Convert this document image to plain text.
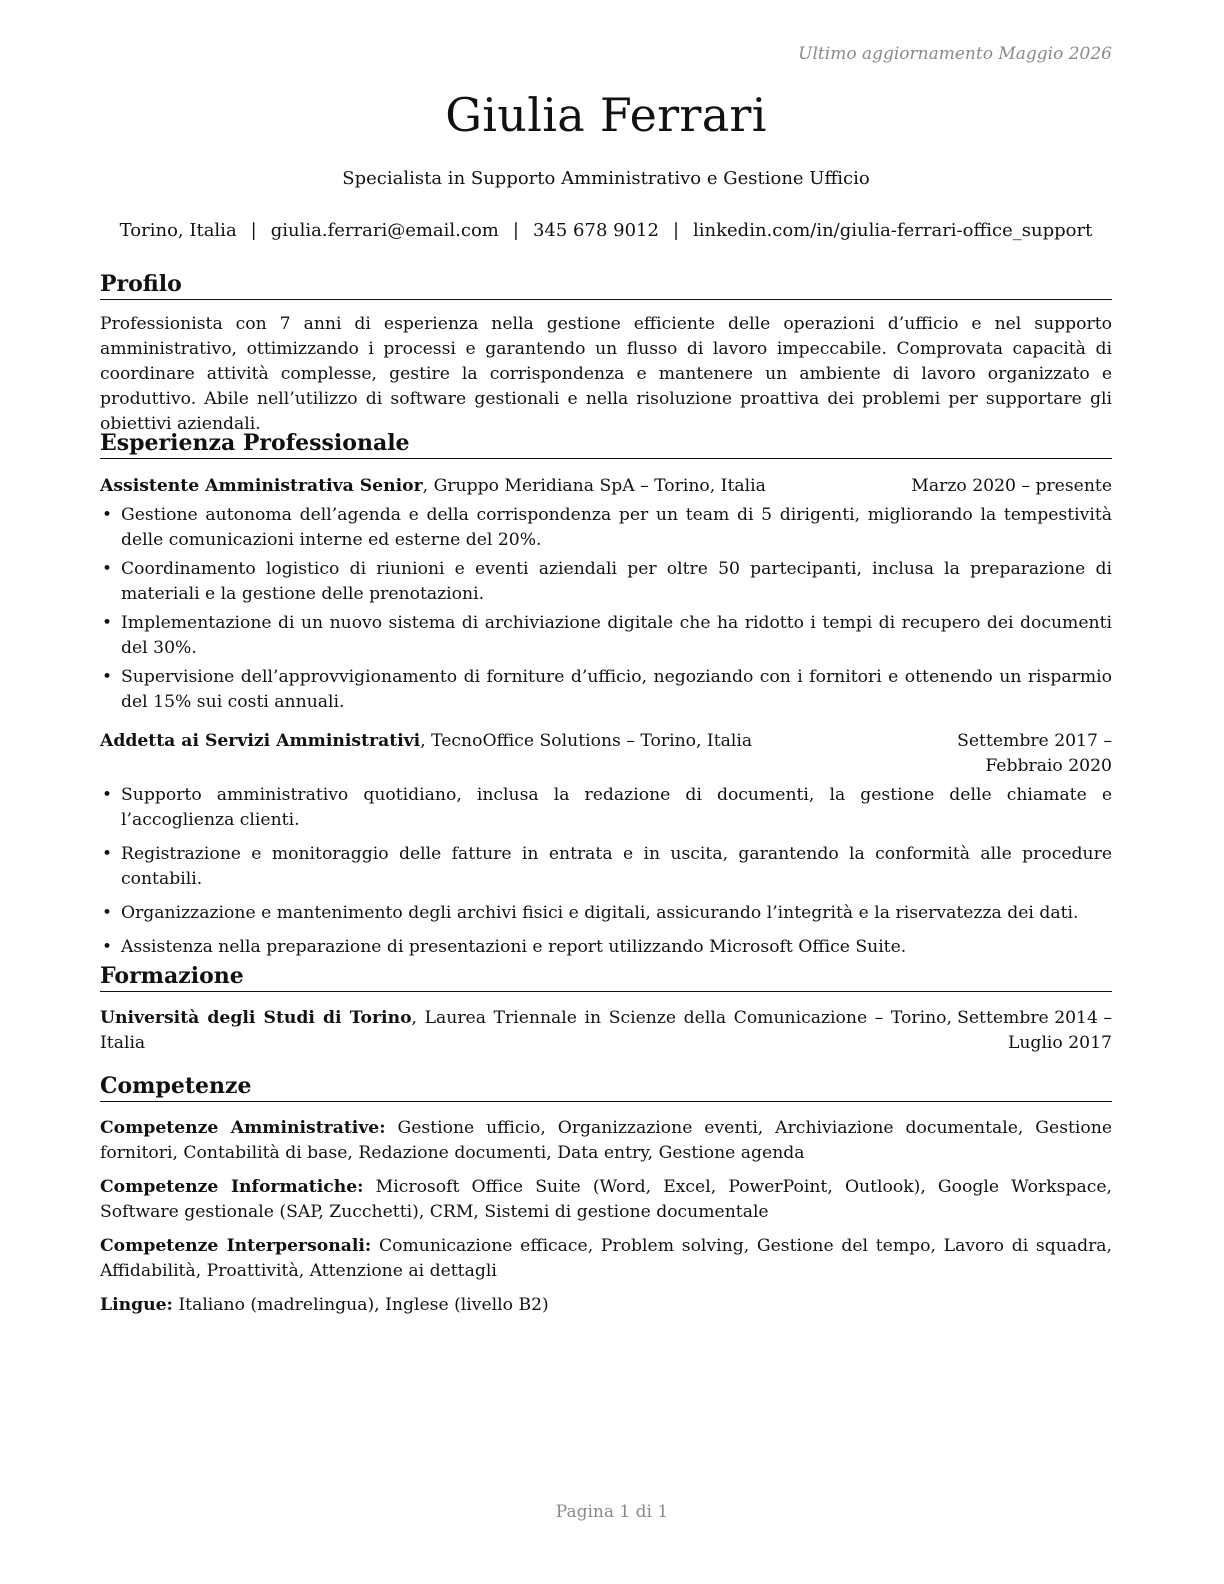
Ultimo aggiornamento Maggio 2026
Giulia Ferrari
Specialista in Supporto Amministrativo e Gestione Ufficio
Torino, Italia | giulia.ferrari@email.com | 345 678 9012 | linkedin.com/in/giulia-ferrari-office_support
Profilo
Professionista con 7 anni di esperienza nella gestione efficiente delle operazioni d’ufficio e nel supporto amministrativo, ottimizzando i processi e garantendo un flusso di lavoro impeccabile. Comprovata capacità di coordinare attività complesse, gestire la corrispondenza e mantenere un ambiente di lavoro organizzato e produttivo. Abile nell’utilizzo di software gestionali e nella risoluzione proattiva dei problemi per supportare gli obiettivi aziendali.
Esperienza Professionale
Assistente Amministrativa Senior, Gruppo Meridiana SpA – Torino, Italia	Marzo 2020 – presente
• Gestione autonoma dell’agenda e della corrispondenza per un team di 5 dirigenti, migliorando la tempestività delle comunicazioni interne ed esterne del 20%.
• Coordinamento logistico di riunioni e eventi aziendali per oltre 50 partecipanti, inclusa la preparazione di materiali e la gestione delle prenotazioni.
• Implementazione di un nuovo sistema di archiviazione digitale che ha ridotto i tempi di recupero dei documenti del 30%.
• Supervisione dell’approvvigionamento di forniture d’ufficio, negoziando con i fornitori e ottenendo un risparmio del 15% sui costi annuali.
Addetta ai Servizi Amministrativi, TecnoOffice Solutions – Torino, Italia	Settembre 2017 – Febbraio 2020
• Supporto amministrativo quotidiano, inclusa la redazione di documenti, la gestione delle chiamate e l’accoglienza clienti.
• Registrazione e monitoraggio delle fatture in entrata e in uscita, garantendo la conformità alle procedure contabili.
• Organizzazione e mantenimento degli archivi fisici e digitali, assicurando l’integrità e la riservatezza dei dati.
• Assistenza nella preparazione di presentazioni e report utilizzando Microsoft Office Suite.
Formazione
Università degli Studi di Torino, Laurea Triennale in Scienze della Comunicazione – Torino, Italia
Settembre 2014 – Luglio 2017
Competenze
Competenze Amministrative: Gestione ufficio, Organizzazione eventi, Archiviazione documentale, Gestione fornitori, Contabilità di base, Redazione documenti, Data entry, Gestione agenda
Competenze Informatiche: Microsoft Office Suite (Word, Excel, PowerPoint, Outlook), Google Workspace, Software gestionale (SAP, Zucchetti), CRM, Sistemi di gestione documentale
Competenze Interpersonali: Comunicazione efficace, Problem solving, Gestione del tempo, Lavoro di squadra, Affidabilità, Proattività, Attenzione ai dettagli
Lingue: Italiano (madrelingua), Inglese (livello B2)
Pagina 1 di 1
